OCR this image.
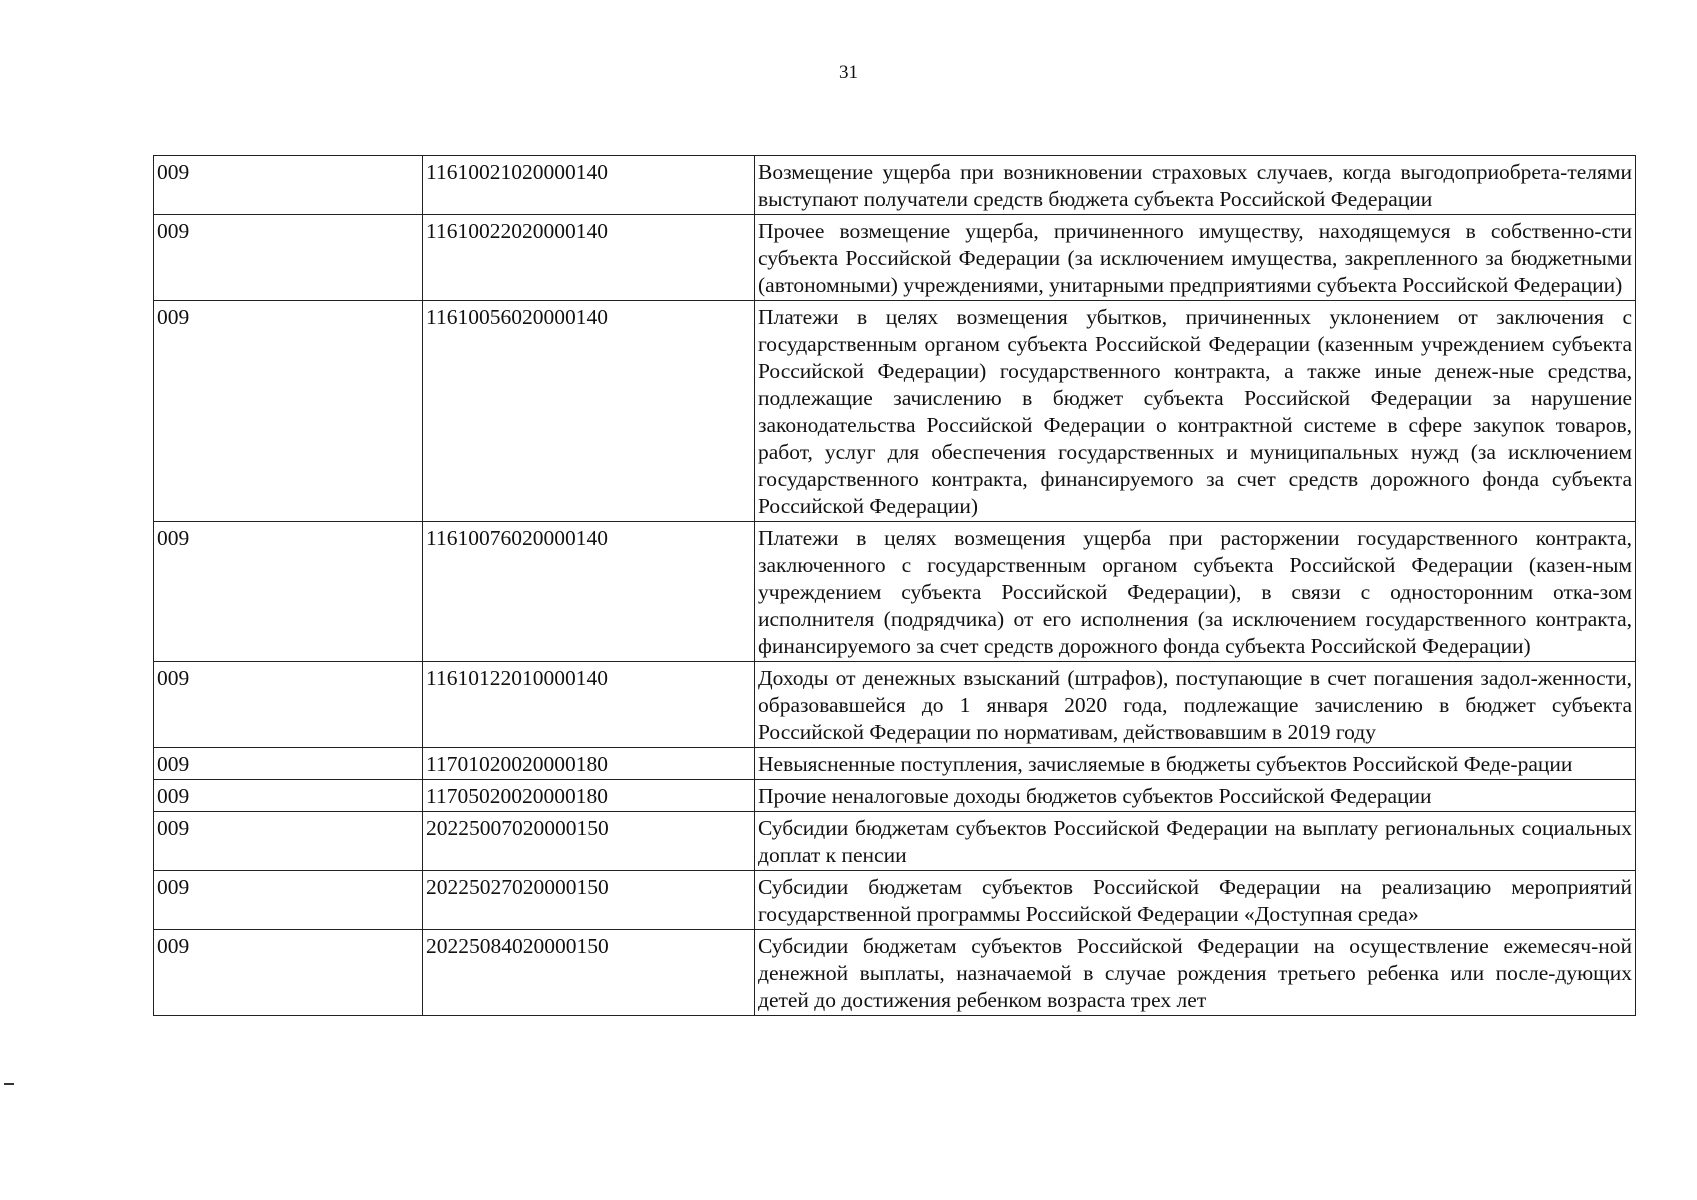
31
009	11610021020000140	Возмещение ущерба при возникновении страховых случаев, когда выгодоприобрета-телями выступают получатели средств бюджета субъекта Российской Федерации
009	11610022020000140	Прочее возмещение ущерба, причиненного имуществу, находящемуся в собственно-сти субъекта Российской Федерации (за исключением имущества, закрепленного за бюджетными (автономными) учреждениями, унитарными предприятиями субъекта Российской Федерации)
009	11610056020000140	Платежи в целях возмещения убытков, причиненных уклонением от заключения с государственным органом субъекта Российской Федерации (казенным учреждением субъекта Российской Федерации) государственного контракта, а также иные денеж-ные средства, подлежащие зачислению в бюджет субъекта Российской Федерации за нарушение законодательства Российской Федерации о контрактной системе в сфере закупок товаров, работ, услуг для обеспечения государственных и муниципальных нужд (за исключением государственного контракта, финансируемого за счет средств дорожного фонда субъекта Российской Федерации)
009	11610076020000140	Платежи в целях возмещения ущерба при расторжении государственного контракта, заключенного с государственным органом субъекта Российской Федерации (казен-ным учреждением субъекта Российской Федерации), в связи с односторонним отка-зом исполнителя (подрядчика) от его исполнения (за исключением государственного контракта, финансируемого за счет средств дорожного фонда субъекта Российской Федерации)
009	11610122010000140	Доходы от денежных взысканий (штрафов), поступающие в счет погашения задол-женности, образовавшейся до 1 января 2020 года, подлежащие зачислению в бюджет субъекта Российской Федерации по нормативам, действовавшим в 2019 году
009	11701020020000180	Невыясненные поступления, зачисляемые в бюджеты субъектов Российской Феде-рации
009	11705020020000180	Прочие неналоговые доходы бюджетов субъектов Российской Федерации
009	20225007020000150	Субсидии бюджетам субъектов Российской Федерации на выплату региональных социальных доплат к пенсии
009	20225027020000150	Субсидии бюджетам субъектов Российской Федерации на реализацию мероприятий государственной программы Российской Федерации «Доступная среда»
009	20225084020000150	Субсидии бюджетам субъектов Российской Федерации на осуществление ежемесяч-ной денежной выплаты, назначаемой в случае рождения третьего ребенка или после-дующих детей до достижения ребенком возраста трех лет
